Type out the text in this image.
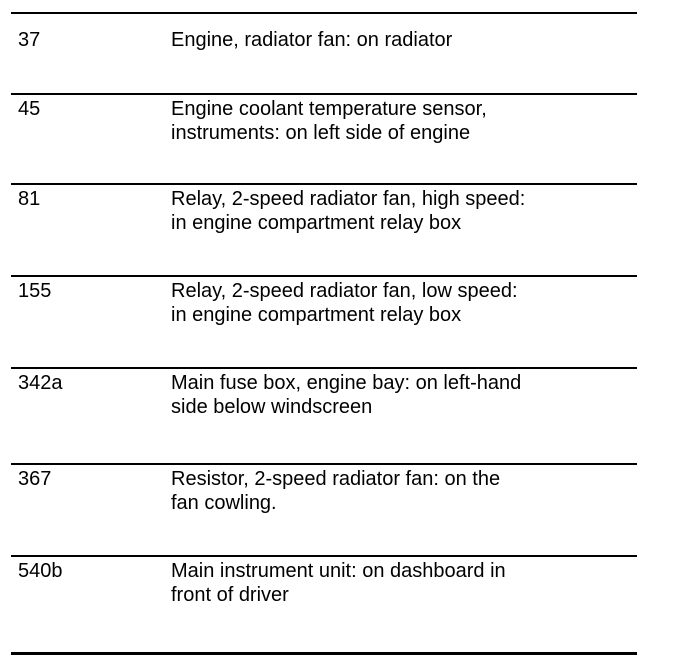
37	Engine, radiator fan: on radiator
45	Engine coolant temperature sensor,
instruments: on left side of engine
81	Relay, 2-speed radiator fan, high speed:
in engine compartment relay box
155	Relay, 2-speed radiator fan, low speed:
in engine compartment relay box
342a	Main fuse box, engine bay: on left-hand
side below windscreen
367	Resistor, 2-speed radiator fan: on the
fan cowling.
540b	Main instrument unit: on dashboard in
front of driver
